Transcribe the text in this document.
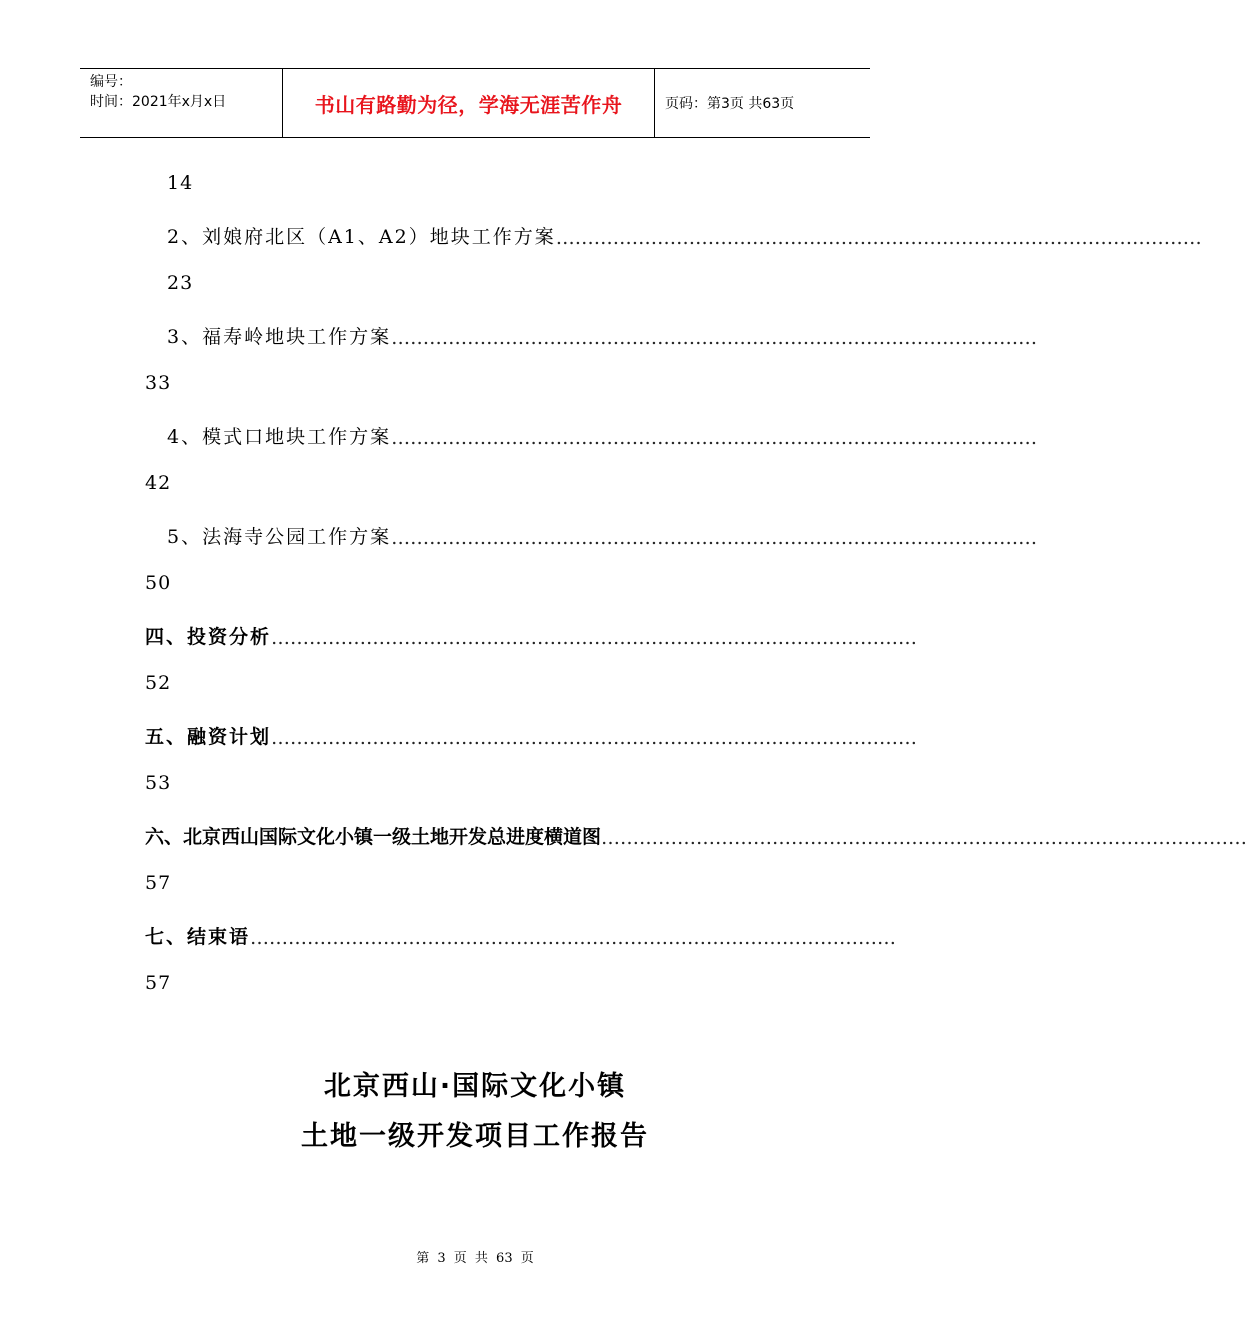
编号：
时间：2021年x月x日	书山有路勤为径，学海无涯苦作舟	页码：第3页 共63页
14
2、刘娘府北区（A1、A2）地块工作方案 …………………………………………………………………………………………
23
3、福寿岭地块工作方案 …………………………………………………………………………………………
33
4、模式口地块工作方案 …………………………………………………………………………………………
42
5、法海寺公园工作方案 …………………………………………………………………………………………
50
四、投资分析 …………………………………………………………………………………………
52
五、融资计划 …………………………………………………………………………………………
53
六、北京西山国际文化小镇一级土地开发总进度横道图 …………………………………………………………………………………………
57
七、结束语 …………………………………………………………………………………………
57
北京西山·国际文化小镇
土地一级开发项目工作报告
第 3 页 共 63 页
